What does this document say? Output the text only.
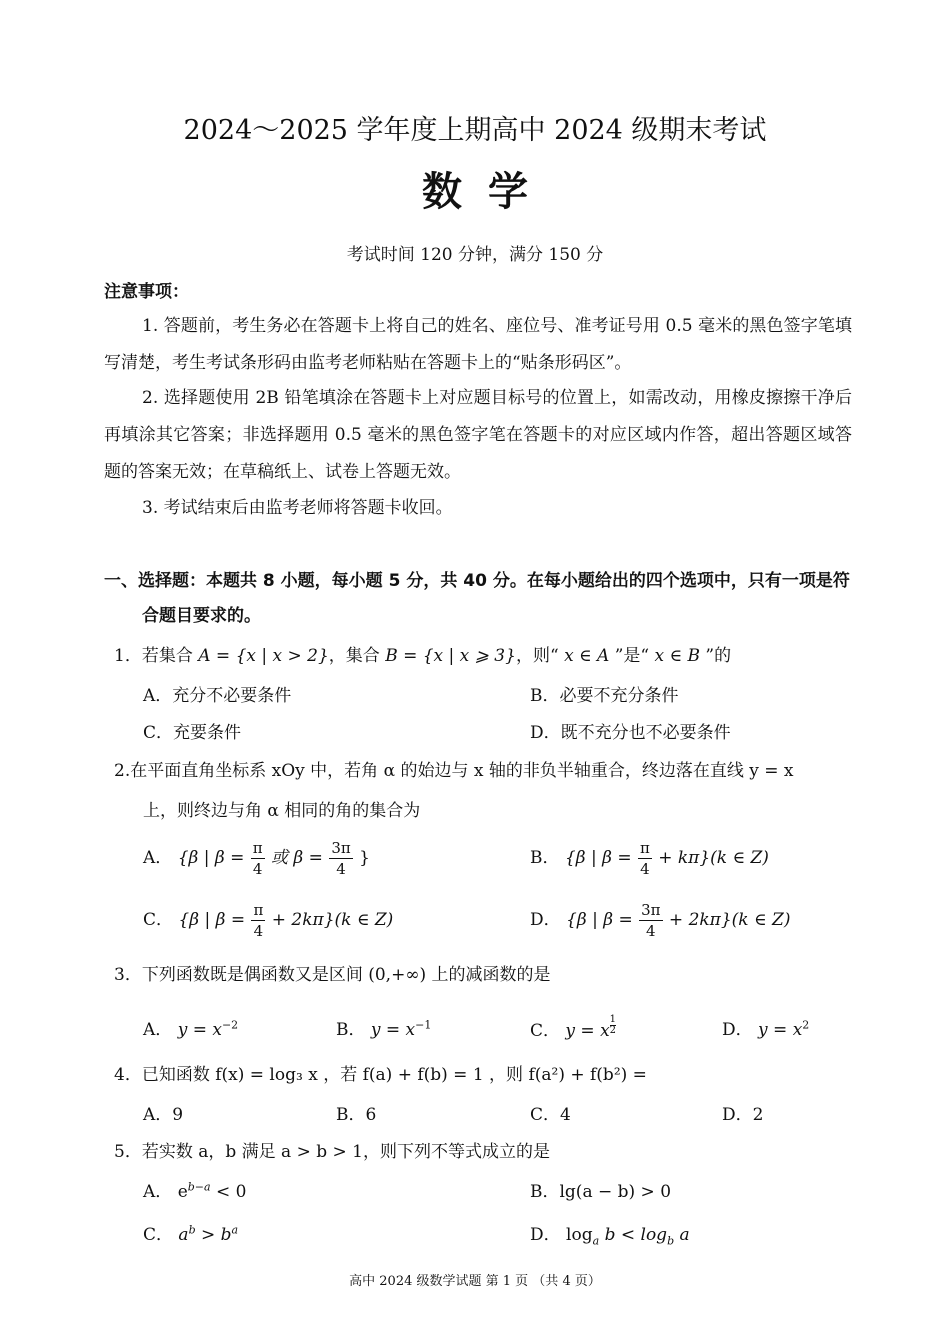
2024～2025 学年度上期高中 2024 级期末考试
数学
考试时间 120 分钟，满分 150 分
注意事项：
1. 答题前，考生务必在答题卡上将自己的姓名、座位号、准考证号用 0.5 毫米的黑色签字笔填写清楚，考生考试条形码由监考老师粘贴在答题卡上的“贴条形码区”。
2. 选择题使用 2B 铅笔填涂在答题卡上对应题目标号的位置上，如需改动，用橡皮擦擦干净后再填涂其它答案；非选择题用 0.5 毫米的黑色签字笔在答题卡的对应区域内作答，超出答题区域答题的答案无效；在草稿纸上、试卷上答题无效。
3. 考试结束后由监考老师将答题卡收回。
一、选择题：本题共 8 小题，每小题 5 分，共 40 分。在每小题给出的四个选项中，只有一项是符合题目要求的。
1．若集合 A = {x | x > 2}，集合 B = {x | x ⩾ 3}，则“ x ∈ A ”是“ x ∈ B ”的
A．充分不必要条件	B．必要不充分条件
C．充要条件	D．既不充分也不必要条件
2.在平面直角坐标系 xOy 中，若角 α 的始边与 x 轴的非负半轴重合，终边落在直线 y = x
上，则终边与角 α 相同的角的集合为
A． {β | $\beta = \frac{\pi}{4}$ 或 $\beta = \frac{3\pi}{4}$ }	B． {β | $\beta = \frac{\pi}{4} + k\pi\}(k$ ∈ Z)
C． {β | $\beta = \frac{\pi}{4} + 2k\pi\}(k$ ∈ Z)	D． {β | $\beta = \frac{3\pi}{4} + 2k\pi\}(k$ ∈ Z)
3．下列函数既是偶函数又是区间 (0,+∞) 上的减函数的是
A． $y = x^{-2}$	B． $y = x^{-1}$	C． y = x $\frac{1}{2}$	D． $y = x^2$
4．已知函数 f(x) = log₃ x ，若 f(a) + f(b) = 1 ，则 f(a²) + f(b²) =
A．9	B．6	C．4	D．2
5．若实数 a，b 满足 a > b > 1，则下列不等式成立的是
A． $e^{b-a} < 0$	B．lg(a − b) > 0
C． $a^b > b^a$	D． $\log_a b < \log_b a$
高中 2024 级数学试题 第 1 页 （共 4 页）
